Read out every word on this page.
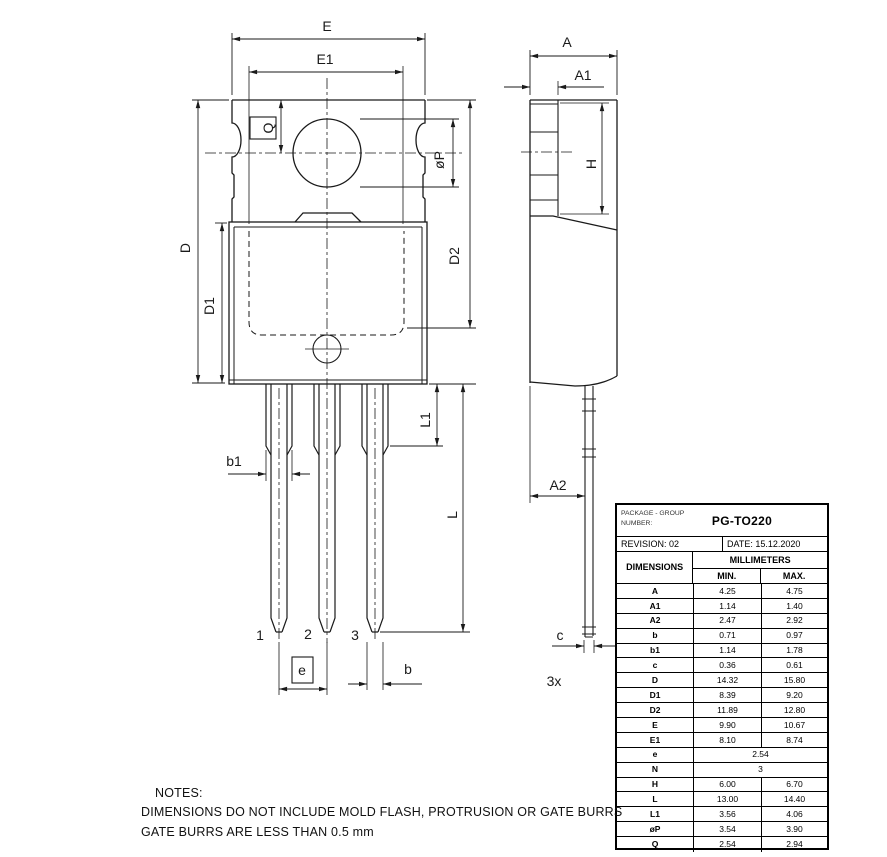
E
E1
D
D1
D2
øP
Q
L1
L
b1
e	b
1	2	3
A
A1
H
A2
c
3x
PACKAGE - GROUP
NUMBER:	PG-TO220
REVISION: 02	DATE: 15.12.2020
DIMENSIONS
MILLIMETERS
MIN.	MAX.
A	4.25	4.75
A1	1.14	1.40
A2	2.47	2.92
b	0.71	0.97
b1	1.14	1.78
c	0.36	0.61
D	14.32	15.80
D1	8.39	9.20
D2	11.89	12.80
E	9.90	10.67
E1	8.10	8.74
e	2.54
N	3
H	6.00	6.70
L	13.00	14.40
L1	3.56	4.06
øP	3.54	3.90
Q	2.54	2.94
NOTES:
DIMENSIONS DO NOT INCLUDE MOLD FLASH, PROTRUSION OR GATE BURRS
GATE BURRS ARE LESS THAN 0.5 mm
